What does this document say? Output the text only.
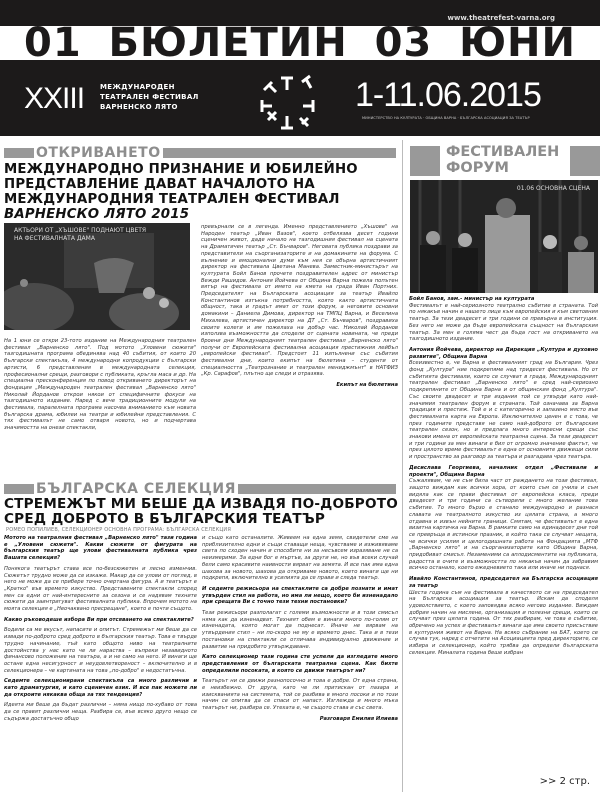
www.theatrefest-varna.org
01 БЮЛЕТИН 03 ЮНИ
XXIII МЕЖДУНАРОДЕН
ТЕАТРАЛЕН ФЕСТИВАЛ
ВАРНЕНСКО ЛЯТО	1-11.06.2015
МИНИСТЕРСТВО НА КУЛТУРАТА · ОБЩИНА ВАРНА · БЪЛГАРСКА АСОЦИАЦИЯ ЗА ТЕАТЪР
ОТКРИВАНЕТО
МЕЖДУНАРОДНО ПРИЗНАНИЕ И ЮБИЛЕЙНО
ПРЕДСТАВЛЕНИЕ ДАВАТ НАЧАЛОТО НА
МЕЖДУНАРОДНИЯ ТЕАТРАЛЕН ФЕСТИВАЛ
ВАРНЕНСКО ЛЯТО 2015
АКТЬОРИ ОТ „ХЪШОВЕ" ПОДНАЮТ ЦВЕТЯ НА ФЕСТИВАЛНАТА ДАМА

На 1 юни се откри 23-тото издание на Международния театрален фестивал „Варненско лято". Под мотото „Уловени сюжети" тазгодишната програма обединява над 40 събития, от които 20 български спектакъла, 4 международни копродукции с български артисти, 6 представления в международната селекция, професионални срещи, разговори с публиката, кръгла маса и др. На специална пресконференция по повод откриването директорът на фондация „Международен театрален фестивал „Варненско лято" Николай Йорданов открои някои от специфичните фокуси на тазгодишното издание. Наред с вече традиционните модули на фестивала, паралелната програма насочва вниманието към новата българска драма, юбилеи на театри и юбилейни представления. С тях фестивалът не само отваря новото, но и подчертава значимостта на онези спектакли,

превърнали се в легенда. Именно представлението „Хъшове" на Народен театър „Иван Вазов", което отбелязва десет години сценичен живот, даде начало на тазгодишния фестивал на сцената на Драматичен театър „Ст. Бъчваров". Неговата публика поздрави за представители на съорганизаторите и на домакините на форума. С вълнение и емоционални думи към нея се обърна артистичният директор на фестивала Цветана Манева. Заместник-министърът на културата Бойл Банов прочете поздравителен адрес от министър Вежди Рашидов. Антония Йойчева от Община Варна пожела попътен вятър на фестивала от името на кмета на града Иван Портних. Председателят на Българската асоциация за театър Ивайло Константинов изтъкна потребността, която както артистичната общност, така и градът имат от този форум, а неговите основни домакини – Даниела Димова, директор на ТМПЦ Варна, и Веселина Михалева, артистичен директор на ДТ „Ст. Бъчваров", поздравиха своите колеги и им пожелаха на добър час. Николай Йорданов използва възможността да сподели от сцената новината, че преди броени дни Международният театрален фестивал „Варненско лято" получи от Европейската фестивална асоциация престижния лейбъл „европейски фестивал". Предстоят 11 изпълнени със събития фестивални дни, които екипът на бюлетина – студенти от специалността „Театрознание и театрален мениджмънт" в НАТФИЗ „Кр. Сарафов", плътно ще следи и отразява.

Екипът на бюлетина
БЪЛГАРСКА СЕЛЕКЦИЯ
СТРЕМЕЖЪТ МИ БЕШЕ ДА ИЗВАДЯ ПО-ДОБРОТО
СРЕД ДОБРОТО В БЪЛГАРСКИЯ ТЕАТЪР
РОМЕО ПОПИЛИЕВ, СЕЛЕКЦИОНЕР ОСНОВНА ПРОГРАМА: БЪЛГАРСКА СЕЛЕКЦИЯ

Мотото на театралния фестивал „Варненско лято" тази година е „Уловени сюжети". Какви сюжети от фигурата на българския театър ще улови фестивалната публика чрез Вашата селекция?

Понякога театърът става все по-безсюжетен и лесно изменчив. Сюжетът трудно може да се изкаже. Макар да се улови от поглед, в него не може да се прибере точно очертана фигура. А и театърът е „Кратко" във времето изкуство. Представените спектакли според мен са едни от най-интересните за сезона и се надявам техните сюжети да заинтригуват фестивалната публика. Впрочем мотото на моята селекция е „Неочаквано пресрещане", което е почти същото.

Какво ръководеше избора Ви при отсяването на спектаклите?

Водили са ме вкусът, напасите и опитът. Стремежът ми беше да се извади по-доброто сред доброто в българския театър. Това е твърде трудно начинание, тъй като общото ниво на театралните достойнства у нас като че ли нараства – въпреки незавидното финансово положение на театъра, а и не само на него. И винаги ще остане една несигурност и неудовлетвореност – включително и в селекционера – че картината на това „по-добро" е недостатъчна.

Седемте селекционирани спектакъла са много различни и като драматургия, и като сценичен език. И все пак можете ли да откроите някаква обща за тях тенденция?

Идеята ми беше да бъдат различни – няма нищо по-хубаво от това да се правят различни неща. Разбира се, във всяко друго нещо се съдържа достатъчно общо

и също като останалите. Живеем на една земя, свидетели сме на приблизително едни и същи ставащи неща, чувстваме и изживяваме света по сходен начин и способите ни за несъвсем изразяване не са неизмерими. За едни бог е мъртъв, за други не, но във всеки случай бели само красивите наивности вярват на земята. И все пак има една шахова за новото, шахова да откриваме новото, което винаги ще ни подкрепя, включително в усилията да се прави и следа театър.

И седемте режисьора на спектаклите са добре познати и имат утвърден стил на работа, но има ли нещо, което би изненадало при срещата Ви с точно тези техни постановки?

Тези режисьори разполагат с големи възможности и в този смисъл няма как да изненадват. Техният обем е винаги много по-голям от изненадата, която могат да поднесат. Иначе не вярвам на утвърдения стил – ни по-скоро не му е времето днес. Така и в тези постановки на спектакли се отличава индивидуално движение и развитие на придобито утвърждаване.

Като селекционер тази година сте успели да изгледате много представления от българската театрална сцена. Как бихте определили посоката, в която се движи театърът ни?

Театърът ни се движи разнопосочно и това е добре. От една страна, е неизбежно. От друга, като че ли притискан от пазара и изискванията на системата, той се разбива в много посоки и по този начин се опитва да се спаси от напаст. Изглежда и много мъка театърът ни, разбира се. Утехата е, че същото става и със света.

Разговаря Емилия Илиева
ФЕСТИВАЛЕН
ФОРУМ
01.06 ОСНОВНА СЦЕНА

Бойл Банов, зам.- министър на културата
Фестивалът е най-сериозното театрално събитие в страната. Той по някакъв начин е нашето лице към европейския и към световния театър. За тези двадесет и три години се превърна в институция. Без него не може да бъде европейската същност на българския театър. За мен е голяма чест да бъда гост на откриването на тазгодишното издание.

Антония Йойчева, директор на Дирекция „Култура и духовно развитие", Община Варна
Всеизвестно е, че Варна е фестивалният град на България. Чрез фонд „Култура" ние подкрепяме над тридесет фестивала. Но от събитията фестивали, които се случват в града, Международният театрален фестивал „Варненско лято" е сред най-сериозно подкрепяните от Община Варна и от общинския фонд „Култура". Със своите двадесет и три издания той се утвърди като най-значимия театрален форум в страната. Той означава за Варна традиция и престиж. Той е и с категорично и запазено място във фестивалната карта на Европа. Изключително ценен е с това, че през годините представя не само най-доброто от българския театрален сезон, но и предлага много интересни срещи със знакови имена от европейската театрална сцена. За тези двадесет и три години за мен винаги е бил от огромно значение фактът, че през цялото време фестивалът е една от основните движещи сили и пространство за разговор за театъра и разгадава чрез театъра.

Десислава Георгиева, началник отдел „Фестивали и проекти", Община Варна
Съжалявам, че не съм била част от раждането на този фестивал, защото виждам как всички хора, от които съм се учила и съм видяла как се прави фестивал от европейска класа, преди двадесет и три години са сътворили с много желание това събитие. То много бързо е станало международно и разнася славата на театралното изкуство из цялата страна, а много отдавна и извън нейните граници. Смятам, че фестивалът е една визитна картичка на Варна. В рамките само на единадесет дни той се превръща в истински празник, в който така се случват нещата, че всички усилия и целогодишната работа на Фондацията „МТФ „Варненско лято" и на съорганизаторите като Община Варна, придобиват смисъл. Незаменими са аплодисментите на публиката, радостта в очите и възможността по някакъв начин да забравим всичко останало, което ежедневието така или иначе ни поднася.

Ивайло Константинов, председател на Българска асоциация за театър
Шеста година съм на фестивала в качеството си на председател на Българска асоциация за театър. Искам да споделя удоволствието, с което заповядва всяко негово издание. Виждам добрия начин на мислене, организация и полезни срещи, които се случват през цялата година. От тях разбирам, че това е събитие, обречено на успех и фестивалът винаги ще има своето присъствие в културния живот на Варна. На всяко събрание на БАТ, което се случва тук, наред с отчетите на Асоциацията пред директорите, се избира и селекционер, който трябва да определи българската селекция. Миналата година беше избран

>> 2 стр.
